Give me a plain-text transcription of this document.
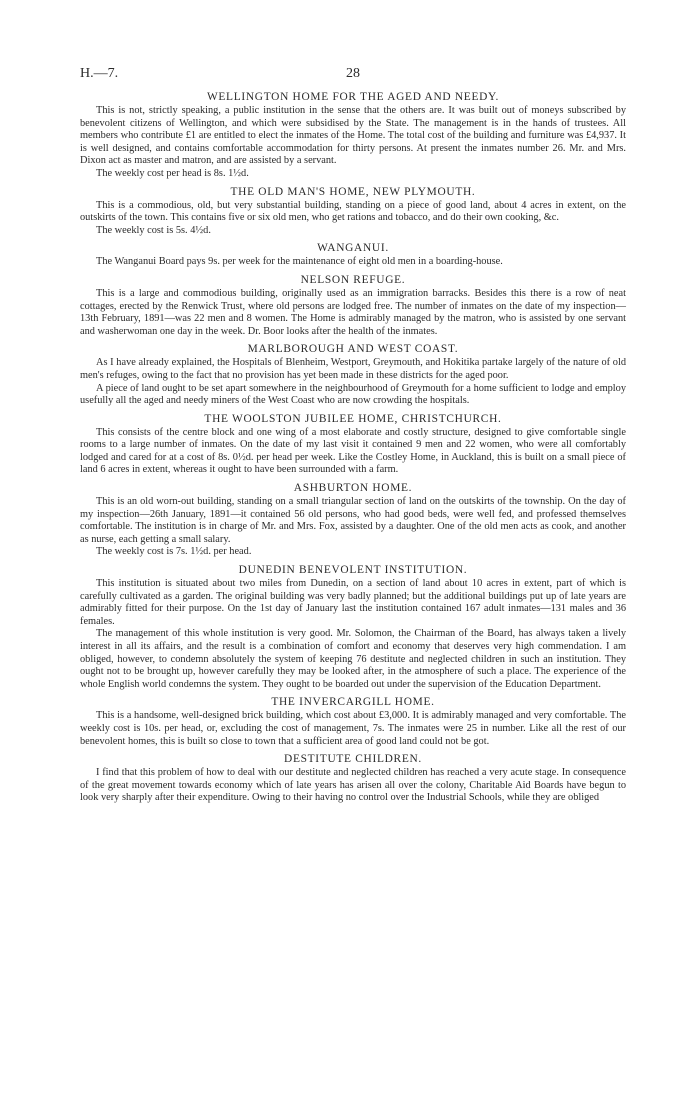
H.—7.	28
WELLINGTON HOME FOR THE AGED AND NEEDY.

This is not, strictly speaking, a public institution in the sense that the others are. It was built out of moneys subscribed by benevolent citizens of Wellington, and which were subsidised by the State. The management is in the hands of trustees. All members who contribute £1 are entitled to elect the inmates of the Home. The total cost of the building and furniture was £4,937. It is well designed, and contains comfortable accommodation for thirty persons. At present the inmates number 26. Mr. and Mrs. Dixon act as master and matron, and are assisted by a servant.

The weekly cost per head is 8s. 1½d.

THE OLD MAN'S HOME, NEW PLYMOUTH.

This is a commodious, old, but very substantial building, standing on a piece of good land, about 4 acres in extent, on the outskirts of the town. This contains five or six old men, who get rations and tobacco, and do their own cooking, &c.

The weekly cost is 5s. 4½d.

WANGANUI.

The Wanganui Board pays 9s. per week for the maintenance of eight old men in a boarding-house.

NELSON REFUGE.

This is a large and commodious building, originally used as an immigration barracks. Besides this there is a row of neat cottages, erected by the Renwick Trust, where old persons are lodged free. The number of inmates on the date of my inspection—13th February, 1891—was 22 men and 8 women. The Home is admirably managed by the matron, who is assisted by one servant and washerwoman one day in the week. Dr. Boor looks after the health of the inmates.

MARLBOROUGH AND WEST COAST.

As I have already explained, the Hospitals of Blenheim, Westport, Greymouth, and Hokitika partake largely of the nature of old men's refuges, owing to the fact that no provision has yet been made in these districts for the aged poor.

A piece of land ought to be set apart somewhere in the neighbourhood of Greymouth for a home sufficient to lodge and employ usefully all the aged and needy miners of the West Coast who are now crowding the hospitals.

THE WOOLSTON JUBILEE HOME, CHRISTCHURCH.

This consists of the centre block and one wing of a most elaborate and costly structure, designed to give comfortable single rooms to a large number of inmates. On the date of my last visit it contained 9 men and 22 women, who were all comfortably lodged and cared for at a cost of 8s. 0½d. per head per week. Like the Costley Home, in Auckland, this is built on a small piece of land 6 acres in extent, whereas it ought to have been surrounded with a farm.

ASHBURTON HOME.

This is an old worn-out building, standing on a small triangular section of land on the outskirts of the township. On the day of my inspection—26th January, 1891—it contained 56 old persons, who had good beds, were well fed, and professed themselves comfortable. The institution is in charge of Mr. and Mrs. Fox, assisted by a daughter. One of the old men acts as cook, and another as nurse, each getting a small salary.

The weekly cost is 7s. 1½d. per head.

DUNEDIN BENEVOLENT INSTITUTION.

This institution is situated about two miles from Dunedin, on a section of land about 10 acres in extent, part of which is carefully cultivated as a garden. The original building was very badly planned; but the additional buildings put up of late years are admirably fitted for their purpose. On the 1st day of January last the institution contained 167 adult inmates—131 males and 36 females.

The management of this whole institution is very good. Mr. Solomon, the Chairman of the Board, has always taken a lively interest in all its affairs, and the result is a combination of comfort and economy that deserves very high commendation. I am obliged, however, to condemn absolutely the system of keeping 76 destitute and neglected children in such an institution. They ought not to be brought up, however carefully they may be looked after, in the atmosphere of such a place. The experience of the whole English world condemns the system. They ought to be boarded out under the supervision of the Education Department.

THE INVERCARGILL HOME.

This is a handsome, well-designed brick building, which cost about £3,000. It is admirably managed and very comfortable. The weekly cost is 10s. per head, or, excluding the cost of management, 7s. The inmates were 25 in number. Like all the rest of our benevolent homes, this is built so close to town that a sufficient area of good land could not be got.

DESTITUTE CHILDREN.

I find that this problem of how to deal with our destitute and neglected children has reached a very acute stage. In consequence of the great movement towards economy which of late years has arisen all over the colony, Charitable Aid Boards have begun to look very sharply after their expenditure. Owing to their having no control over the Industrial Schools, while they are obliged
